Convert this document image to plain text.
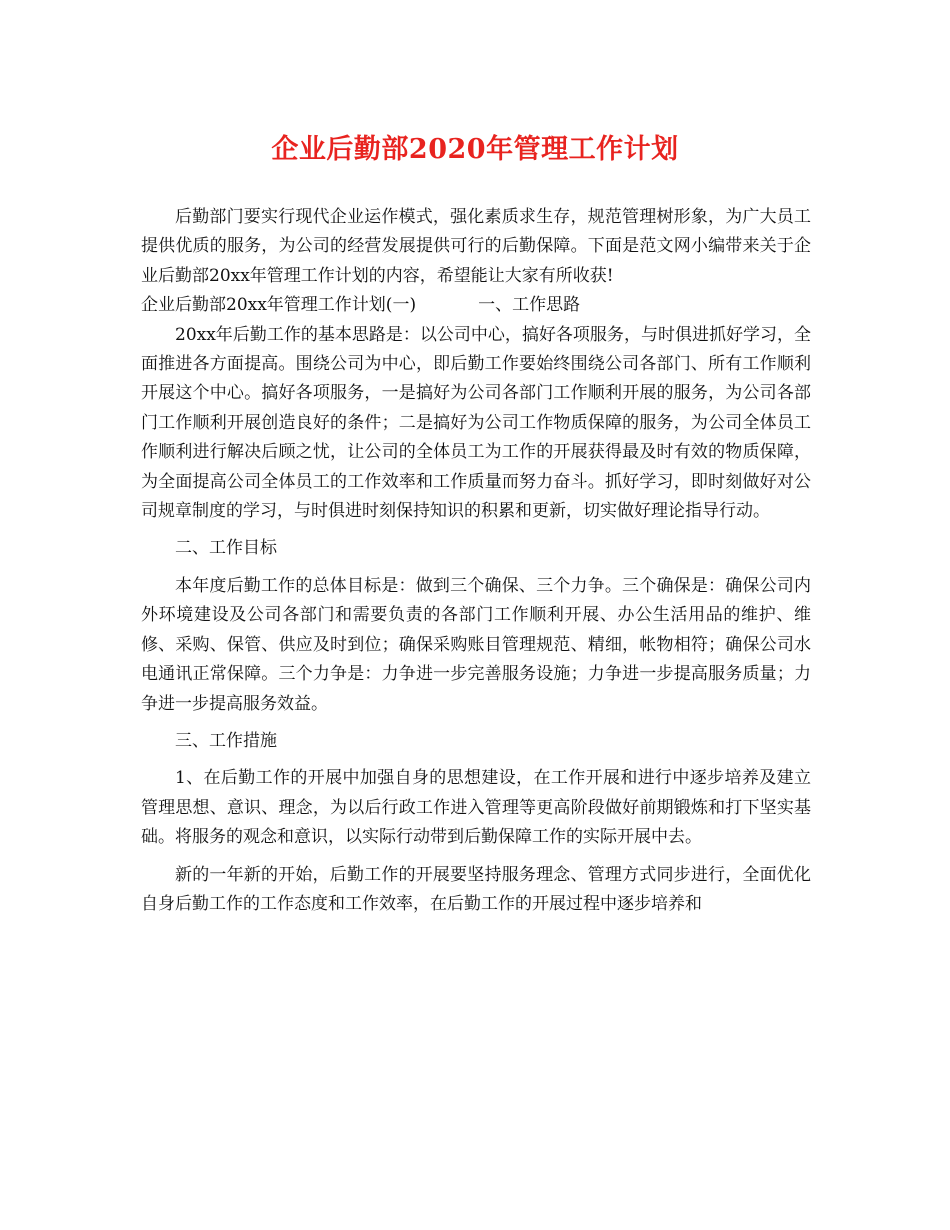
企业后勤部2020年管理工作计划

后勤部门要实行现代企业运作模式，强化素质求生存，规范管理树形象，为广大员工提供优质的服务，为公司的经营发展提供可行的后勤保障。下面是范文网小编带来关于企业后勤部20xx年管理工作计划的内容，希望能让大家有所收获!

企业后勤部20xx年管理工作计划(一)	一、工作思路

20xx年后勤工作的基本思路是：以公司中心，搞好各项服务，与时俱进抓好学习，全面推进各方面提高。围绕公司为中心，即后勤工作要始终围绕公司各部门、所有工作顺利开展这个中心。搞好各项服务，一是搞好为公司各部门工作顺利开展的服务，为公司各部门工作顺利开展创造良好的条件；二是搞好为公司工作物质保障的服务，为公司全体员工作顺利进行解决后顾之忧，让公司的全体员工为工作的开展获得最及时有效的物质保障，为全面提高公司全体员工的工作效率和工作质量而努力奋斗。抓好学习，即时刻做好对公司规章制度的学习，与时俱进时刻保持知识的积累和更新，切实做好理论指导行动。

二、工作目标

本年度后勤工作的总体目标是：做到三个确保、三个力争。三个确保是：确保公司内外环境建设及公司各部门和需要负责的各部门工作顺利开展、办公生活用品的维护、维修、采购、保管、供应及时到位；确保采购账目管理规范、精细，帐物相符；确保公司水电通讯正常保障。三个力争是：力争进一步完善服务设施；力争进一步提高服务质量；力争进一步提高服务效益。

三、工作措施

1、在后勤工作的开展中加强自身的思想建设，在工作开展和进行中逐步培养及建立管理思想、意识、理念，为以后行政工作进入管理等更高阶段做好前期锻炼和打下坚实基础。将服务的观念和意识，以实际行动带到后勤保障工作的实际开展中去。

新的一年新的开始，后勤工作的开展要坚持服务理念、管理方式同步进行，全面优化自身后勤工作的工作态度和工作效率，在后勤工作的开展过程中逐步培养和
